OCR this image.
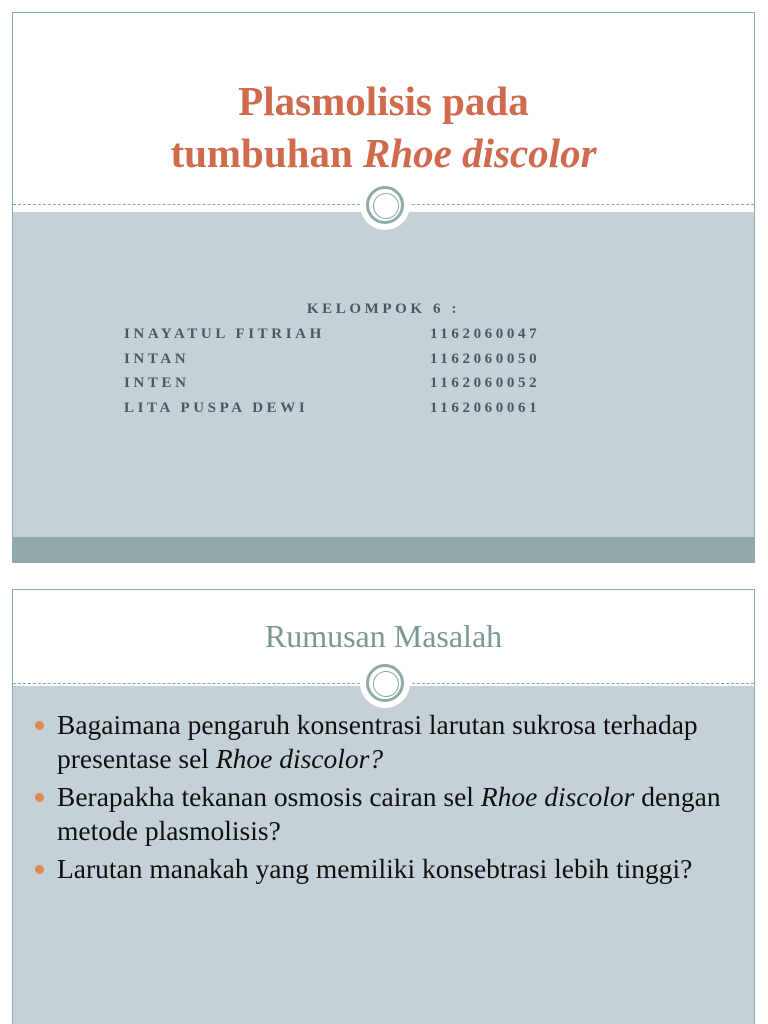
Plasmolisis pada
tumbuhan Rhoe discolor
KELOMPOK 6 :
INAYATUL FITRIAH	1162060047
INTAN	1162060050
INTEN	1162060052
LITA PUSPA DEWI	1162060061
Rumusan Masalah
Bagaimana pengaruh konsentrasi larutan sukrosa terhadap presentase sel Rhoe discolor?
Berapakha tekanan osmosis cairan sel Rhoe discolor dengan metode plasmolisis?
Larutan manakah yang memiliki konsebtrasi lebih tinggi?
